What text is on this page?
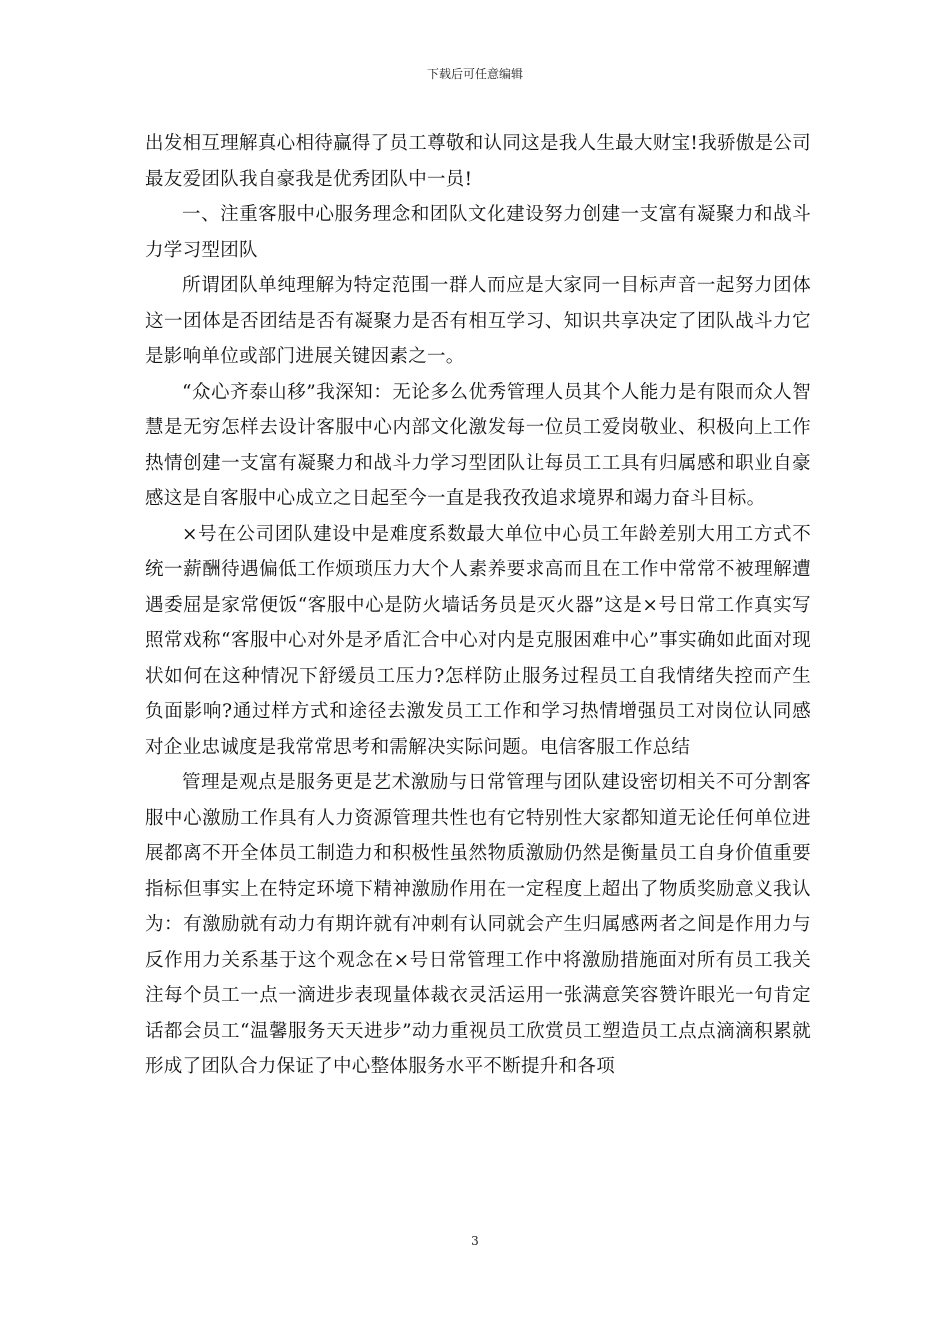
下载后可任意编辑

出发相互理解真心相待赢得了员工尊敬和认同这是我人生最大财宝!我骄傲是公司最友爱团队我自豪我是优秀团队中一员!

一、注重客服中心服务理念和团队文化建设努力创建一支富有凝聚力和战斗力学习型团队

所谓团队单纯理解为特定范围一群人而应是大家同一目标声音一起努力团体这一团体是否团结是否有凝聚力是否有相互学习、知识共享决定了团队战斗力它是影响单位或部门进展关键因素之一。

“众心齐泰山移”我深知：无论多么优秀管理人员其个人能力是有限而众人智慧是无穷怎样去设计客服中心内部文化激发每一位员工爱岗敬业、积极向上工作热情创建一支富有凝聚力和战斗力学习型团队让每员工工具有归属感和职业自豪感这是自客服中心成立之日起至今一直是我孜孜追求境界和竭力奋斗目标。

×号在公司团队建设中是难度系数最大单位中心员工年龄差别大用工方式不统一薪酬待遇偏低工作烦琐压力大个人素养要求高而且在工作中常常不被理解遭遇委屈是家常便饭“客服中心是防火墙话务员是灭火器”这是×号日常工作真实写照常戏称“客服中心对外是矛盾汇合中心对内是克服困难中心”事实确如此面对现状如何在这种情况下舒缓员工压力?怎样防止服务过程员工自我情绪失控而产生负面影响?通过样方式和途径去激发员工工作和学习热情增强员工对岗位认同感对企业忠诚度是我常常思考和需解决实际问题。电信客服工作总结

管理是观点是服务更是艺术激励与日常管理与团队建设密切相关不可分割客服中心激励工作具有人力资源管理共性也有它特别性大家都知道无论任何单位进展都离不开全体员工制造力和积极性虽然物质激励仍然是衡量员工自身价值重要指标但事实上在特定环境下精神激励作用在一定程度上超出了物质奖励意义我认为：有激励就有动力有期许就有冲刺有认同就会产生归属感两者之间是作用力与反作用力关系基于这个观念在×号日常管理工作中将激励措施面对所有员工我关注每个员工一点一滴进步表现量体裁衣灵活运用一张满意笑容赞许眼光一句肯定话都会员工“温馨服务天天进步”动力重视员工欣赏员工塑造员工点点滴滴积累就形成了团队合力保证了中心整体服务水平不断提升和各项

3
